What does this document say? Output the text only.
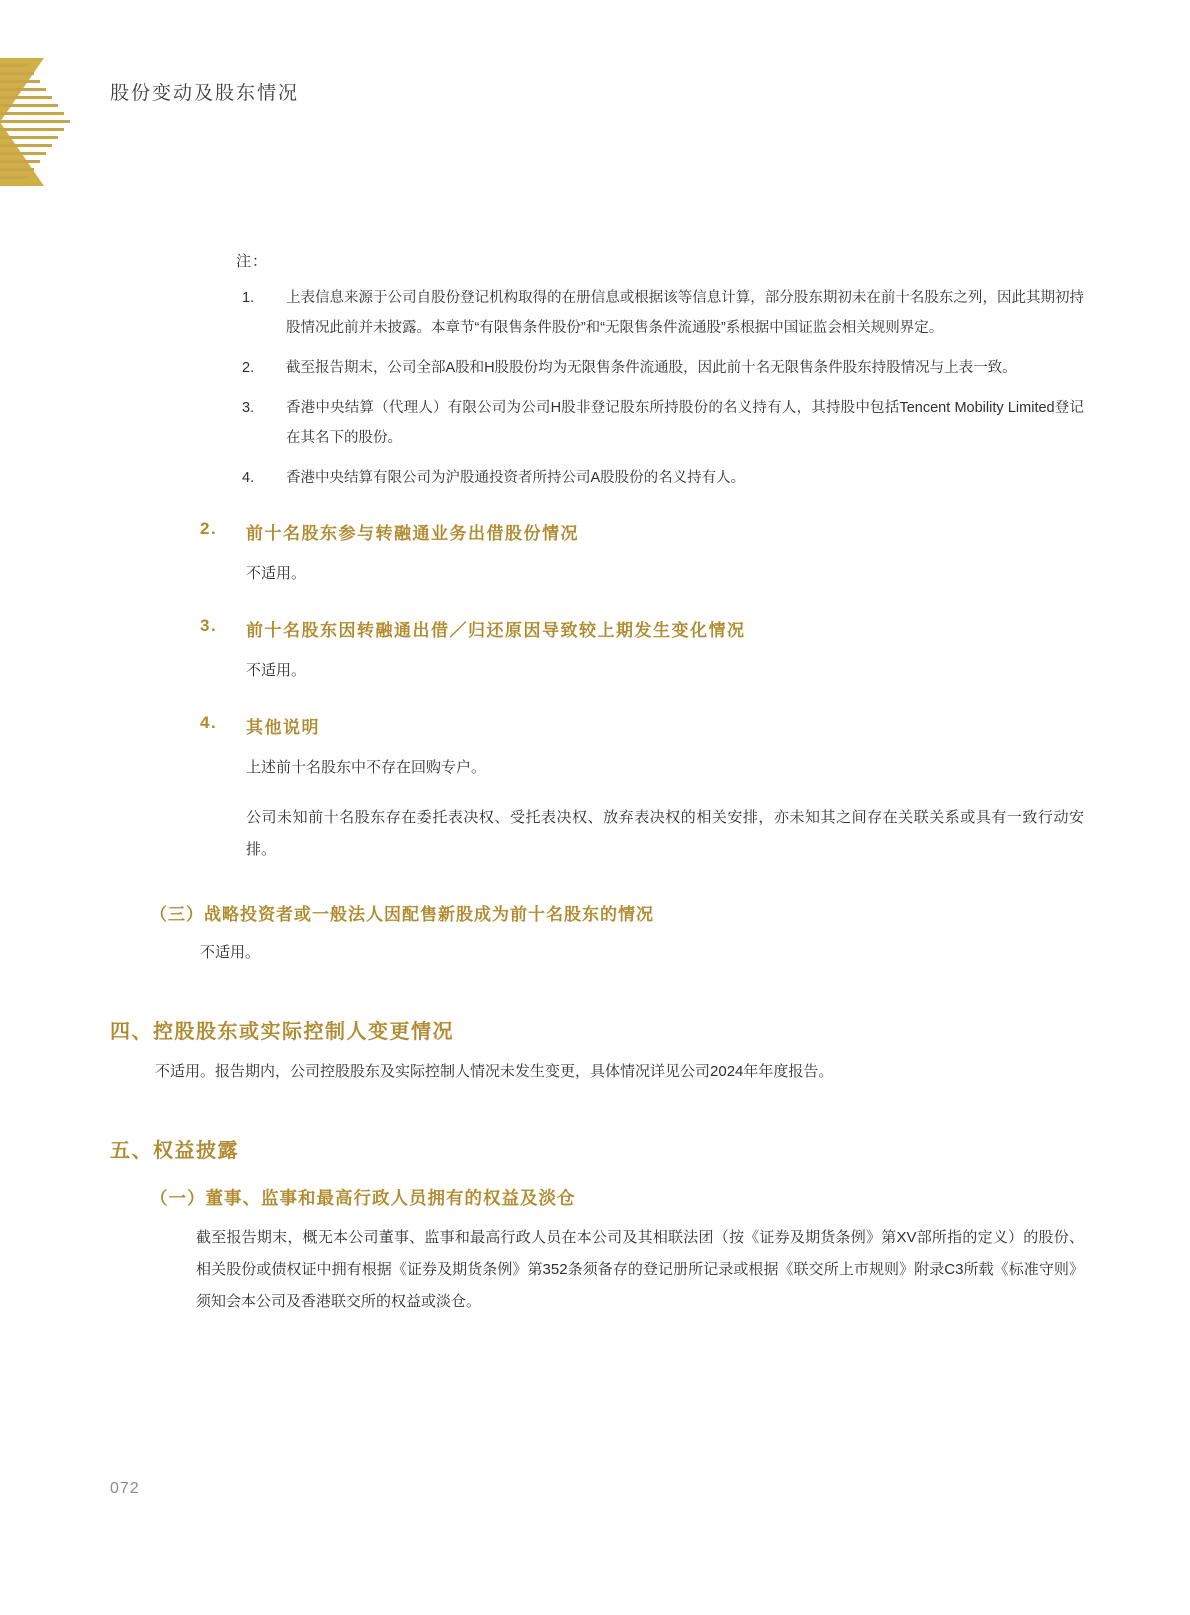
股份变动及股东情况
注：
1. 上表信息来源于公司自股份登记机构取得的在册信息或根据该等信息计算，部分股东期初未在前十名股东之列，因此其期初持股情况此前并未披露。本章节“有限售条件股份”和“无限售条件流通股”系根据中国证监会相关规则界定。
2. 截至报告期末，公司全部A股和H股股份均为无限售条件流通股，因此前十名无限售条件股东持股情况与上表一致。
3. 香港中央结算（代理人）有限公司为公司H股非登记股东所持股份的名义持有人，其持股中包括Tencent Mobility Limited登记在其名下的股份。
4. 香港中央结算有限公司为沪股通投资者所持公司A股股份的名义持有人。
2. 前十名股东参与转融通业务出借股份情况

不适用。

3. 前十名股东因转融通出借／归还原因导致较上期发生变化情况

不适用。

4. 其他说明

上述前十名股东中不存在回购专户。

公司未知前十名股东存在委托表决权、受托表决权、放弃表决权的相关安排，亦未知其之间存在关联关系或具有一致行动安排。

（三）战略投资者或一般法人因配售新股成为前十名股东的情况
不适用。
四、控股股东或实际控制人变更情况
不适用。报告期内，公司控股股东及实际控制人情况未发生变更，具体情况详见公司2024年年度报告。
五、权益披露
（一）董事、监事和最高行政人员拥有的权益及淡仓
截至报告期末，概无本公司董事、监事和最高行政人员在本公司及其相联法团（按《证券及期货条例》第XV部所指的定义）的股份、相关股份或债权证中拥有根据《证券及期货条例》第352条须备存的登记册所记录或根据《联交所上市规则》附录C3所载《标准守则》须知会本公司及香港联交所的权益或淡仓。
072
